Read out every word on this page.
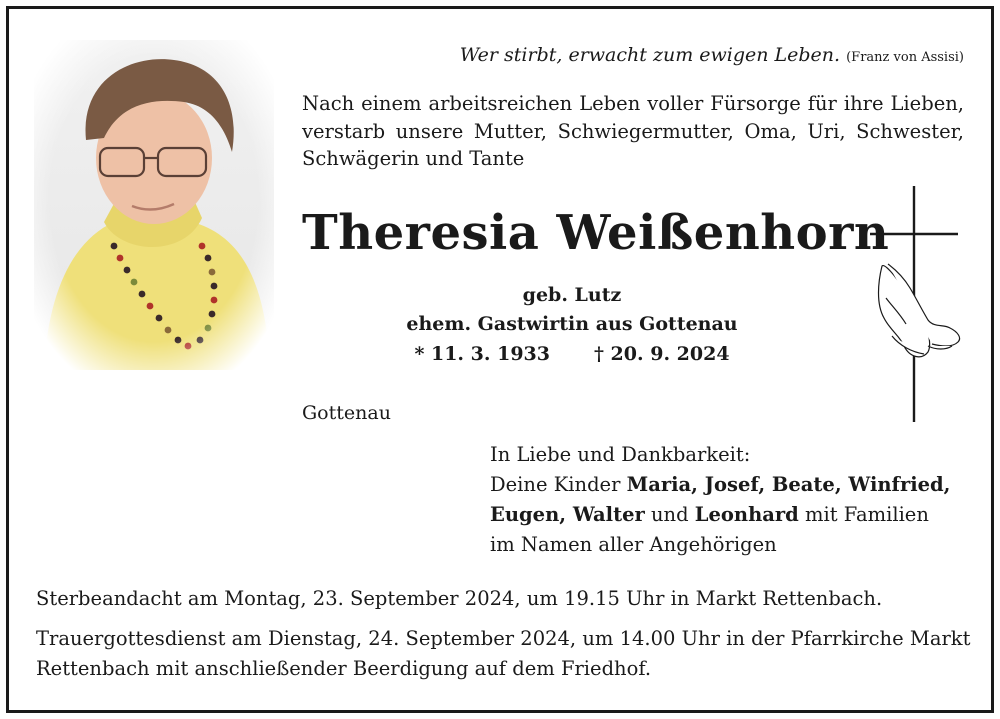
Wer stirbt, erwacht zum ewigen Leben. (Franz von Assisi)
Nach einem arbeitsreichen Leben voller Fürsorge für ihre Lieben, verstarb unsere Mutter, Schwiegermutter, Oma, Uri, Schwester, Schwägerin und Tante
Theresia Weißenhorn
geb. Lutz
ehem. Gastwirtin aus Gottenau
* 11. 3. 1933 † 20. 9. 2024
Gottenau
In Liebe und Dankbarkeit:
Deine Kinder Maria, Josef, Beate, Winfried,
Eugen, Walter und Leonhard mit Familien
im Namen aller Angehörigen
Sterbeandacht am Montag, 23. September 2024, um 19.15 Uhr in Markt Rettenbach.
Trauergottesdienst am Dienstag, 24. September 2024, um 14.00 Uhr in der Pfarrkirche Markt Rettenbach mit anschließender Beerdigung auf dem Friedhof.
